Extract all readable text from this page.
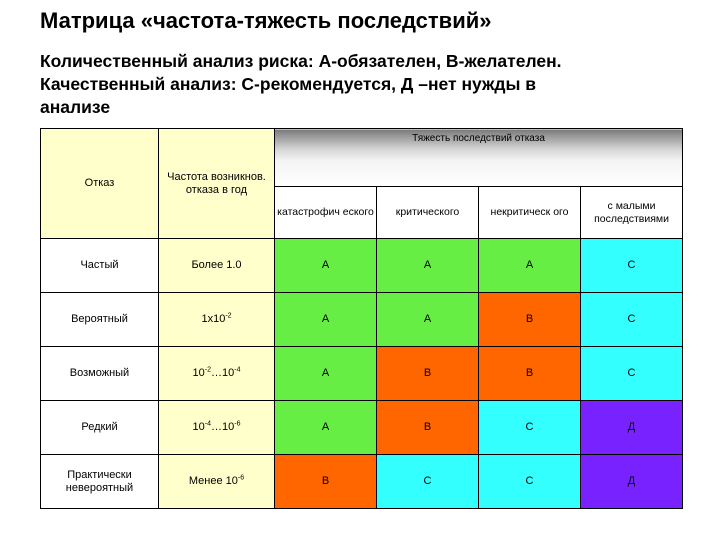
Матрица «частота-тяжесть последствий»
Количественный анализ риска: А-обязателен, В-желателен.
Качественный анализ: С-рекомендуется, Д –нет нужды в
анализе
Отказ	Частота возникнов. отказа в год	Тяжесть последствий отказа			
		катастрофич еского	критического	некритическ ого	с малыми последствиями
Частый	Более 1.0	А	А	А	С
Вероятный	$1x10^{-2}$	А	А	В	С
Возможный	$10^{-2}\dots 10^{-4}$	А	В	В	С
Редкий	$10^{-4}\dots 10^{-6}$	А	В	С	Д
Практически невероятный	Менее $10^{-6}$	В	С	С	Д
